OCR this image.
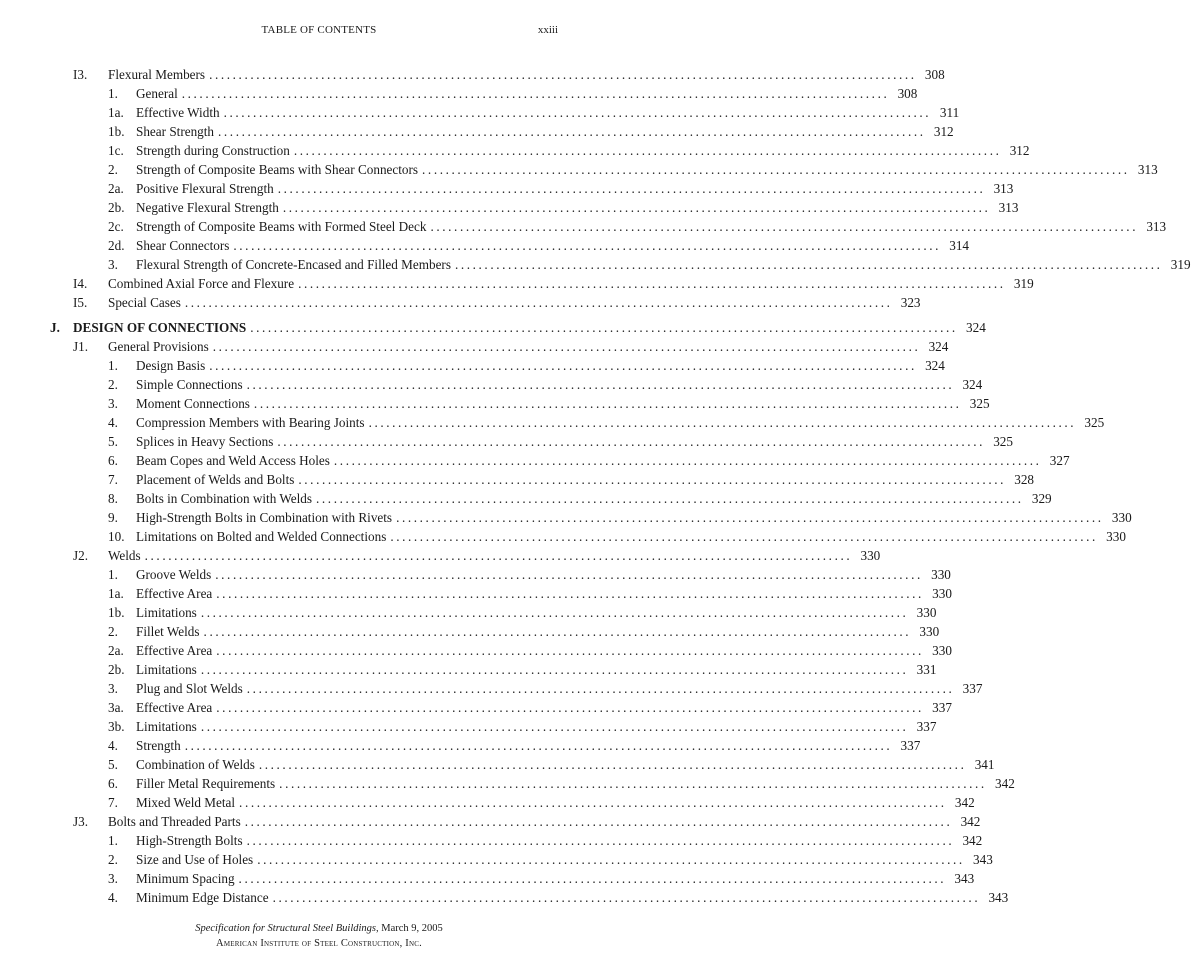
TABLE OF CONTENTS	xxiii
I3. Flexural Members ........................................................................................................................ 308
1. General ........................................................................................................................ 308
1a. Effective Width ........................................................................................................................ 311
1b. Shear Strength ........................................................................................................................ 312
1c. Strength during Construction ........................................................................................................................ 312
2. Strength of Composite Beams with Shear Connectors ........................................................................................................................ 313
2a. Positive Flexural Strength ........................................................................................................................ 313
2b. Negative Flexural Strength ........................................................................................................................ 313
2c. Strength of Composite Beams with Formed Steel Deck ........................................................................................................................ 313
2d. Shear Connectors ........................................................................................................................ 314
3. Flexural Strength of Concrete-Encased and Filled Members ........................................................................................................................ 319
I4. Combined Axial Force and Flexure ........................................................................................................................ 319
I5. Special Cases ........................................................................................................................ 323
J. DESIGN OF CONNECTIONS ........................................................................................................................ 324
J1. General Provisions ........................................................................................................................ 324
1. Design Basis ........................................................................................................................ 324
2. Simple Connections ........................................................................................................................ 324
3. Moment Connections ........................................................................................................................ 325
4. Compression Members with Bearing Joints ........................................................................................................................ 325
5. Splices in Heavy Sections ........................................................................................................................ 325
6. Beam Copes and Weld Access Holes ........................................................................................................................ 327
7. Placement of Welds and Bolts ........................................................................................................................ 328
8. Bolts in Combination with Welds ........................................................................................................................ 329
9. High-Strength Bolts in Combination with Rivets ........................................................................................................................ 330
10. Limitations on Bolted and Welded Connections ........................................................................................................................ 330
J2. Welds ........................................................................................................................ 330
1. Groove Welds ........................................................................................................................ 330
1a. Effective Area ........................................................................................................................ 330
1b. Limitations ........................................................................................................................ 330
2. Fillet Welds ........................................................................................................................ 330
2a. Effective Area ........................................................................................................................ 330
2b. Limitations ........................................................................................................................ 331
3. Plug and Slot Welds ........................................................................................................................ 337
3a. Effective Area ........................................................................................................................ 337
3b. Limitations ........................................................................................................................ 337
4. Strength ........................................................................................................................ 337
5. Combination of Welds ........................................................................................................................ 341
6. Filler Metal Requirements ........................................................................................................................ 342
7. Mixed Weld Metal ........................................................................................................................ 342
J3. Bolts and Threaded Parts ........................................................................................................................ 342
1. High-Strength Bolts ........................................................................................................................ 342
2. Size and Use of Holes ........................................................................................................................ 343
3. Minimum Spacing ........................................................................................................................ 343
4. Minimum Edge Distance ........................................................................................................................ 343
Specification for Structural Steel Buildings, March 9, 2005
American Institute of Steel Construction, Inc.
